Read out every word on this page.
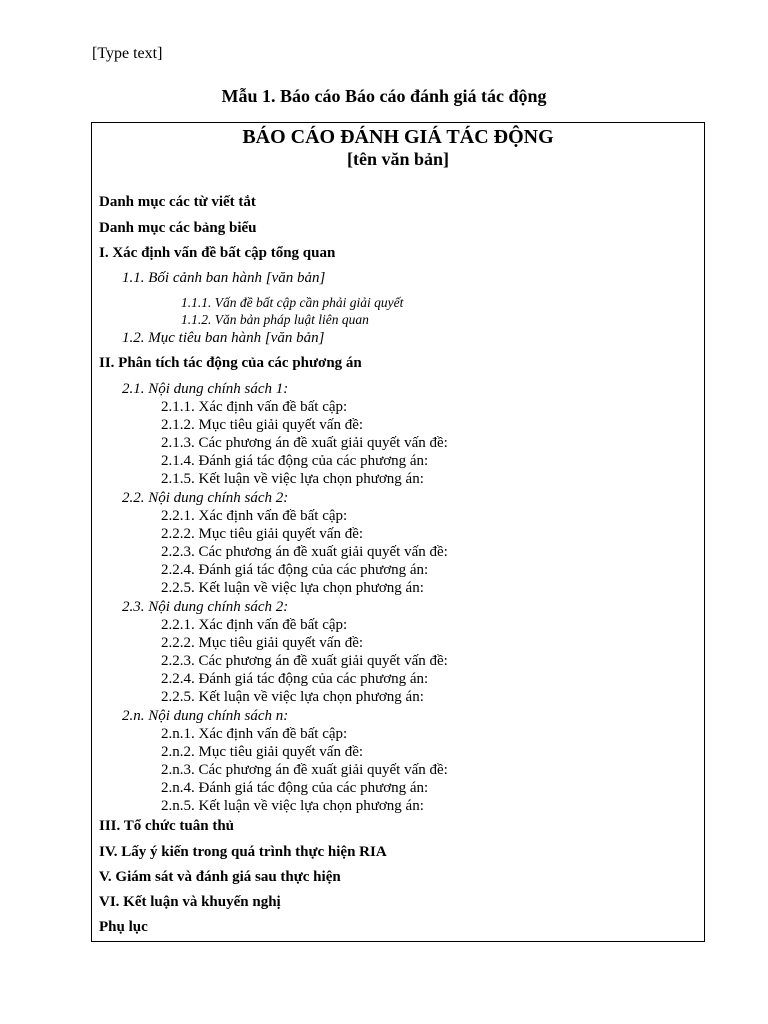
[Type text]
Mẫu 1. Báo cáo Báo cáo đánh giá tác động
BÁO CÁO ĐÁNH GIÁ TÁC ĐỘNG
[tên văn bản]
Danh mục các từ viết tắt
Danh mục các bảng biểu
I. Xác định vấn đề bất cập tổng quan
1.1. Bối cảnh ban hành [văn bản]
1.1.1. Vấn đề bất cập cần phải giải quyết
1.1.2. Văn bản pháp luật liên quan
1.2. Mục tiêu ban hành [văn bản]
II. Phân tích tác động của các phương án
2.1. Nội dung chính sách 1:
2.1.1. Xác định vấn đề bất cập:
2.1.2. Mục tiêu giải quyết vấn đề:
2.1.3. Các phương án đề xuất giải quyết vấn đề:
2.1.4. Đánh giá tác động của các phương án:
2.1.5. Kết luận về việc lựa chọn phương án:
2.2. Nội dung chính sách 2:
2.2.1. Xác định vấn đề bất cập:
2.2.2. Mục tiêu giải quyết vấn đề:
2.2.3. Các phương án đề xuất giải quyết vấn đề:
2.2.4. Đánh giá tác động của các phương án:
2.2.5. Kết luận về việc lựa chọn phương án:
2.3. Nội dung chính sách 2:
2.2.1. Xác định vấn đề bất cập:
2.2.2. Mục tiêu giải quyết vấn đề:
2.2.3. Các phương án đề xuất giải quyết vấn đề:
2.2.4. Đánh giá tác động của các phương án:
2.2.5. Kết luận về việc lựa chọn phương án:
2.n. Nội dung chính sách n:
2.n.1. Xác định vấn đề bất cập:
2.n.2. Mục tiêu giải quyết vấn đề:
2.n.3. Các phương án đề xuất giải quyết vấn đề:
2.n.4. Đánh giá tác động của các phương án:
2.n.5. Kết luận về việc lựa chọn phương án:
III. Tổ chức tuân thủ
IV. Lấy ý kiến trong quá trình thực hiện RIA
V. Giám sát và đánh giá sau thực hiện
VI. Kết luận và khuyến nghị
Phụ lục
